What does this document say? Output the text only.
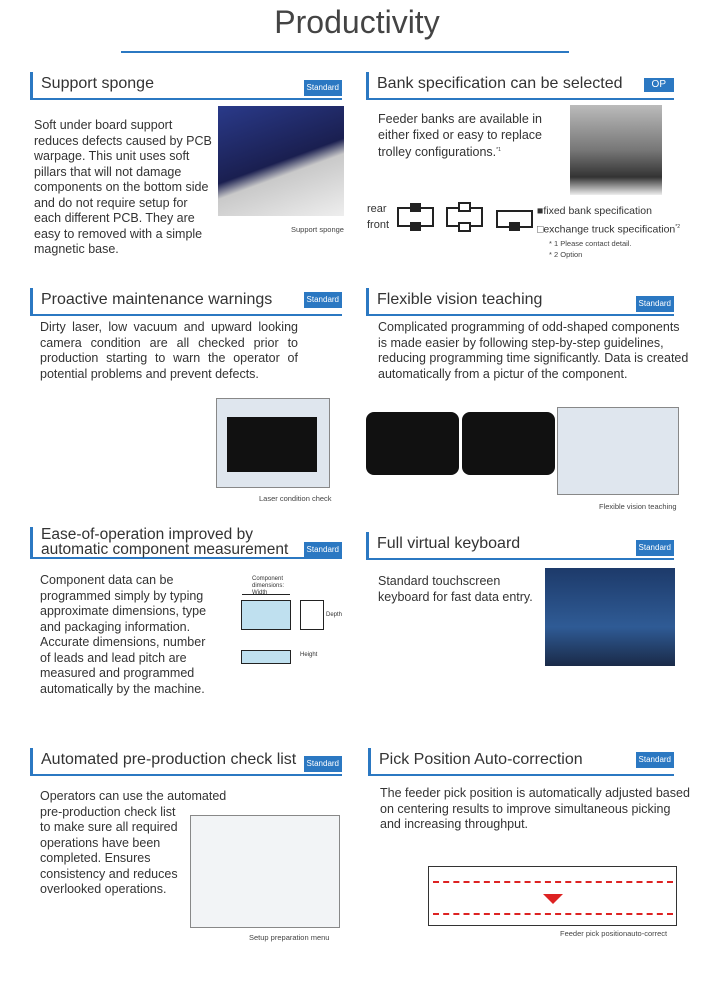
Productivity
Support sponge	Standard
Soft under board support reduces defects caused by PCB warpage. This unit uses soft pillars that will not damage components on the bottom side and do not require setup for each different PCB. They are easy to removed with a simple magnetic base.
Support sponge
Bank specification can be selected	OP
Feeder banks are available in either fixed or easy to replace trolley configurations.$^{*1}$
rear
front
■fixed bank specification
□exchange truck specification$^{*2}$
* 1 Please contact detail.
* 2 Option
Proactive maintenance warnings	Standard
Dirty laser, low vacuum and upward looking camera condition are all checked prior to production starting to warn the operator of potential problems and prevent defects.
Laser condition check
Flexible vision teaching	Standard
Complicated programming of odd-shaped components is made easier by following step-by-step guidelines, reducing programming time significantly. Data is created automatically from a pictur of the component.
Flexible vision teaching
Ease-of-operation improved by
automatic component measurement	Standard
Component data can be programmed simply by typing approximate dimensions, type and packaging information. Accurate dimensions, number of leads and lead pitch are measured and programmed automatically by the machine.
Component dimensions: Width
Depth
Height
Full virtual keyboard	Standard
Standard touchscreen keyboard for fast data entry.
Automated pre-production check list	Standard
Operators can use the automated pre-production check list to make sure all required operations have been completed. Ensures consistency and reduces overlooked operations.
Setup preparation menu
Pick Position Auto-correction	Standard
The feeder pick position is automatically adjusted based on centering results to improve simultaneous picking and increasing throughput.
Feeder pick positionauto-correct
